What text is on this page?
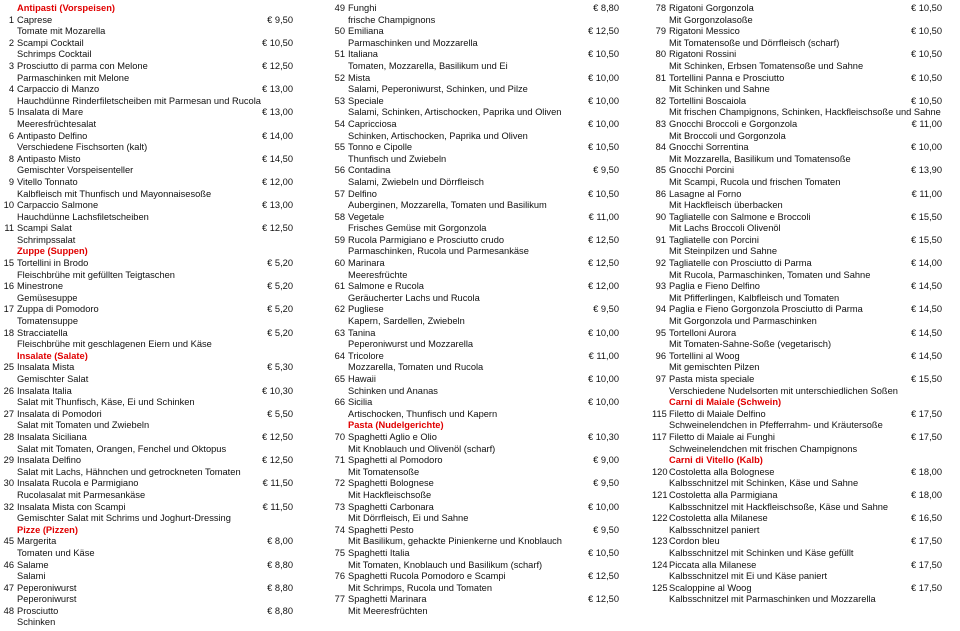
Antipasti (Vorspeisen)
1 Caprese	€ 9,50
Tomate mit Mozarella
2 Scampi Cocktail	€ 10,50
Schrimps Cocktail
3 Prosciutto di parma con Melone	€ 12,50
Parmaschinken mit Melone
4 Carpaccio di Manzo	€ 13,00
Hauchdünne Rinderfiletscheiben mit Parmesan und Rucola
5 Insalata di Mare	€ 13,00
Meeresfrüchtesalat
6 Antipasto Delfino	€ 14,00
Verschiedene Fischsorten (kalt)
8 Antipasto Misto	€ 14,50
Gemischter Vorspeisenteller
9 Vitello Tonnato	€ 12,00
Kalbfleisch mit Thunfisch und Mayonnaisesoße
10 Carpaccio Salmone	€ 13,00
Hauchdünne Lachsfiletscheiben
11 Scampi Salat	€ 12,50
Schrimpssalat
Zuppe (Suppen)
15 Tortellini in Brodo	€ 5,20
Fleischbrühe mit gefüllten Teigtaschen
16 Minestrone	€ 5,20
Gemüsesuppe
17 Zuppa di Pomodoro	€ 5,20
Tomatensuppe
18 Stracciatella	€ 5,20
Fleischbrühe mit geschlagenen Eiern und Käse
Insalate (Salate)
25 Insalata Mista	€ 5,30
Gemischter Salat
26 Insalata Italia	€ 10,30
Salat mit Thunfisch, Käse, Ei und Schinken
27 Insalata di Pomodori	€ 5,50
Salat mit Tomaten und Zwiebeln
28 Insalata Siciliana	€ 12,50
Salat mit Tomaten, Orangen, Fenchel und Oktopus
29 Insalata Delfino	€ 12,50
Salat mit Lachs, Hähnchen und getrockneten Tomaten
30 Insalata Rucola e Parmigiano	€ 11,50
Rucolasalat mit Parmesankäse
32 Insalata Mista con Scampi	€ 11,50
Gemischter Salat mit Schrims und Joghurt-Dressing
Pizze (Pizzen)
45 Margerita	€ 8,00
Tomaten und Käse
46 Salame	€ 8,80
Salami
47 Peperoniwurst	€ 8,80
Peperoniwurst
48 Prosciutto	€ 8,80
Schinken
49 Funghi	€ 8,80
frische Champignons
50 Emiliana	€ 12,50
Parmaschinken und Mozzarella
51 Italiana	€ 10,50
Tomaten, Mozzarella, Basilikum und Ei
52 Mista	€ 10,00
Salami, Peperoniwurst, Schinken, und Pilze
53 Speciale	€ 10,00
Salami, Schinken, Artischocken, Paprika und Oliven
54 Capricciosa	€ 10,00
Schinken, Artischocken, Paprika und Oliven
55 Tonno e Cipolle	€ 10,50
Thunfisch und Zwiebeln
56 Contadina	€ 9,50
Salami, Zwiebeln und Dörrfleisch
57 Delfino	€ 10,50
Auberginen, Mozzarella, Tomaten und Basilikum
58 Vegetale	€ 11,00
Frisches Gemüse mit Gorgonzola
59 Rucola Parmigiano e Prosciutto crudo	€ 12,50
Parmaschinken, Rucola und Parmesankäse
60 Marinara	€ 12,50
Meeresfrüchte
61 Salmone e Rucola	€ 12,00
Geräucherter Lachs und Rucola
62 Pugliese	€ 9,50
Kapern, Sardellen, Zwiebeln
63 Tanina	€ 10,00
Peperoniwurst und Mozzarella
64 Tricolore	€ 11,00
Mozzarella, Tomaten und Rucola
65 Hawaii	€ 10,00
Schinken und Ananas
66 Sicilia	€ 10,00
Artischocken, Thunfisch und Kapern
Pasta (Nudelgerichte)
70 Spaghetti Aglio e Olio	€ 10,30
Mit Knoblauch und Olivenöl (scharf)
71 Spaghetti al Pomodoro	€ 9,00
Mit Tomatensoße
72 Spaghetti Bolognese	€ 9,50
Mit Hackfleischsoße
73 Spaghetti Carbonara	€ 10,00
Mit Dörrfleisch, Ei und Sahne
74 Spaghetti Pesto	€ 9,50
Mit Basilikum, gehackte Pinienkerne und Knoblauch
75 Spaghetti Italia	€ 10,50
Mit Tomaten, Knoblauch und Basilikum (scharf)
76 Spaghetti Rucola Pomodoro e Scampi	€ 12,50
Mit Schrimps, Rucola und Tomaten
77 Spaghetti Marinara	€ 12,50
Mit Meeresfrüchten
78 Rigatoni Gorgonzola	€ 10,50
Mit Gorgonzolasoße
79 Rigatoni Messico	€ 10,50
Mit Tomatensoße und Dörrfleisch (scharf)
80 Rigatoni Rossini	€ 10,50
Mit Schinken, Erbsen Tomatensoße und Sahne
81 Tortellini Panna e Prosciutto	€ 10,50
Mit Schinken und Sahne
82 Tortellini Boscaiola	€ 10,50
Mit frischen Champignons, Schinken, Hackfleischsoße und Sahne
83 Gnocchi Broccoli e Gorgonzola	€ 11,00
Mit Broccoli und Gorgonzola
84 Gnocchi Sorrentina	€ 10,00
Mit Mozzarella, Basilikum und Tomatensoße
85 Gnocchi Porcini	€ 13,90
Mit Scampi, Rucola und frischen Tomaten
86 Lasagne al Forno	€ 11,00
Mit Hackfleisch überbacken
90 Tagliatelle con Salmone e Broccoli	€ 15,50
Mit Lachs Broccoli Olivenöl
91 Tagliatelle con Porcini	€ 15,50
Mit Steinpilzen und Sahne
92 Tagliatelle con Prosciutto di Parma	€ 14,00
Mit Rucola, Parmaschinken, Tomaten und Sahne
93 Paglia e Fieno Delfino	€ 14,50
Mit Pfifferlingen, Kalbfleisch und Tomaten
94 Paglia e Fieno Gorgonzola Prosciutto di Parma	€ 14,50
Mit Gorgonzola und Parmaschinken
95 Tortelloni Aurora	€ 14,50
Mit Tomaten-Sahne-Soße (vegetarisch)
96 Tortellini al Woog	€ 14,50
Mit gemischten Pilzen
97 Pasta mista speciale	€ 15,50
Verschiedene Nudelsorten mit unterschiedlichen Soßen
Carni di Maiale (Schwein)
115 Filetto di Maiale Delfino	€ 17,50
Schweinelendchen in Pfefferrahm- und Kräutersoße
117 Filetto di Maiale ai Funghi	€ 17,50
Schweinelendchen mit frischen Champignons
Carni di Vitello (Kalb)
120 Costoletta alla Bolognese	€ 18,00
Kalbsschnitzel mit Schinken, Käse und Sahne
121 Costoletta alla Parmigiana	€ 18,00
Kalbsschnitzel mit Hackfleischsoße, Käse und Sahne
122 Costoletta alla Milanese	€ 16,50
Kalbsschnitzel paniert
123 Cordon bleu	€ 17,50
Kalbsschnitzel mit Schinken und Käse gefüllt
124 Piccata alla Milanese	€ 17,50
Kalbsschnitzel mit Ei und Käse paniert
125 Scaloppine al Woog	€ 17,50
Kalbsschnitzel mit Parmaschinken und Mozzarella
